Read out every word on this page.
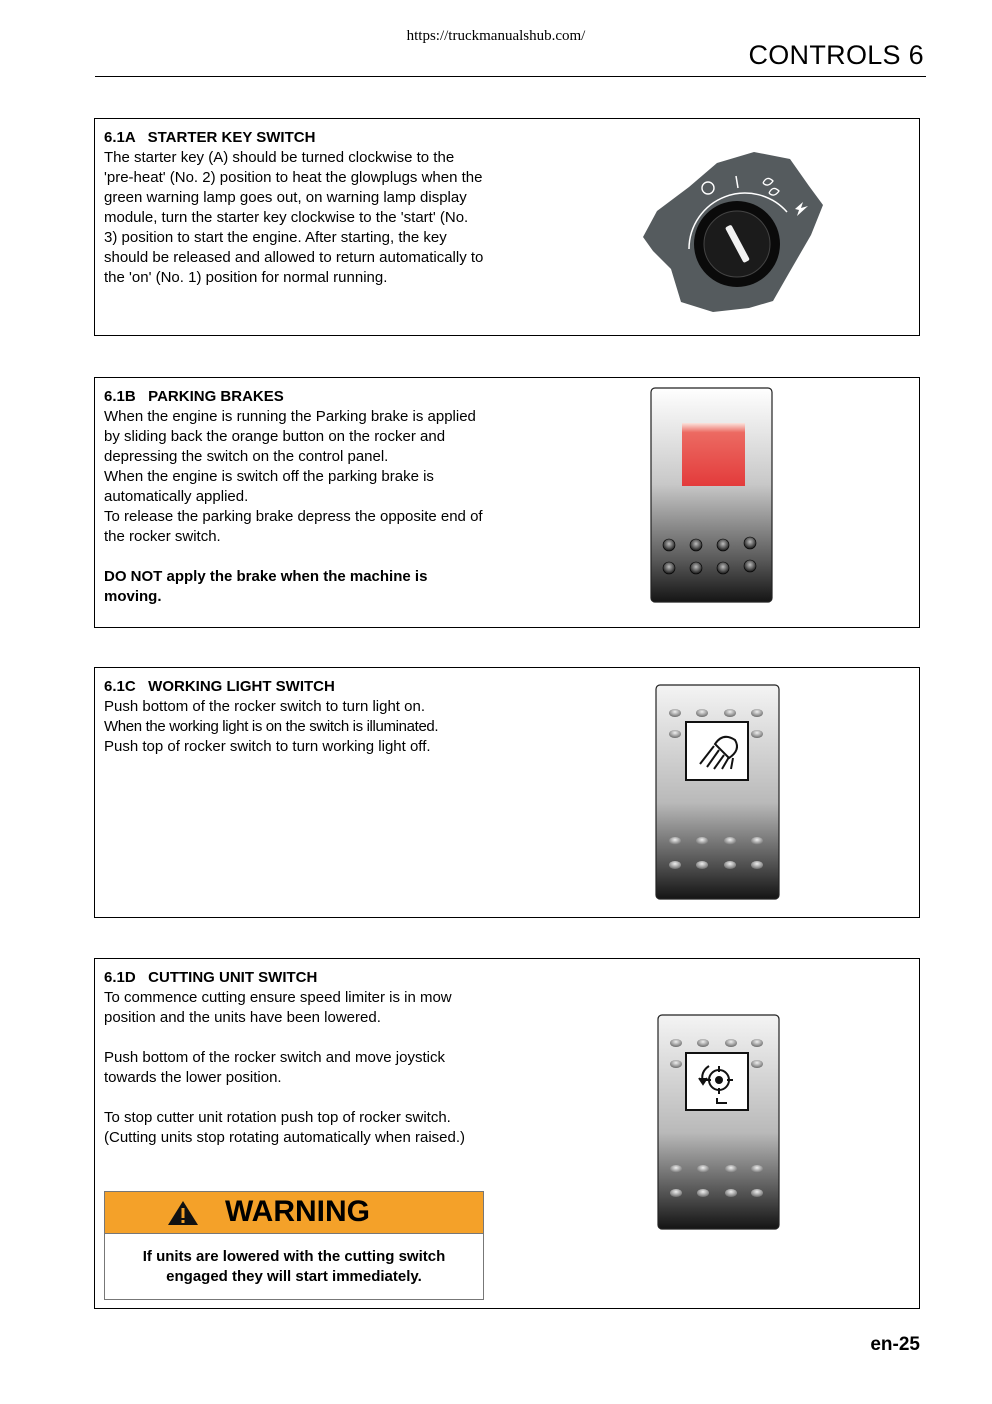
https://truckmanualshub.com/
CONTROLS 6
6.1A   STARTER KEY SWITCH
The starter key (A) should be turned clockwise to the 'pre-heat' (No. 2) position to heat the glowplugs when the green warning lamp goes out, on warning lamp display module, turn the starter key clockwise to the 'start' (No. 3) position to start the engine. After starting, the key should be released and allowed to return automatically to the 'on' (No. 1) position for normal running.
6.1B   PARKING BRAKES
When the engine is running the Parking brake is applied by sliding back the orange button on the rocker and depressing the switch on the control panel.
When the engine is switch off the parking brake is automatically applied.
To release the parking brake depress the opposite end of the rocker switch.
DO NOT apply the brake when the machine is moving.
6.1C   WORKING LIGHT SWITCH
Push bottom of the rocker switch to turn light on.
When the working light is on the switch is illuminated.
Push top of rocker switch to turn working light off.
6.1D   CUTTING UNIT SWITCH
To commence cutting ensure speed limiter is in mow position and the units have been lowered.
Push bottom of the rocker switch and move joystick towards the lower position.
To stop cutter unit rotation push top of rocker switch. (Cutting units stop rotating automatically when raised.)
WARNING
If units are lowered with the cutting switch engaged they will start immediately.
en-25
